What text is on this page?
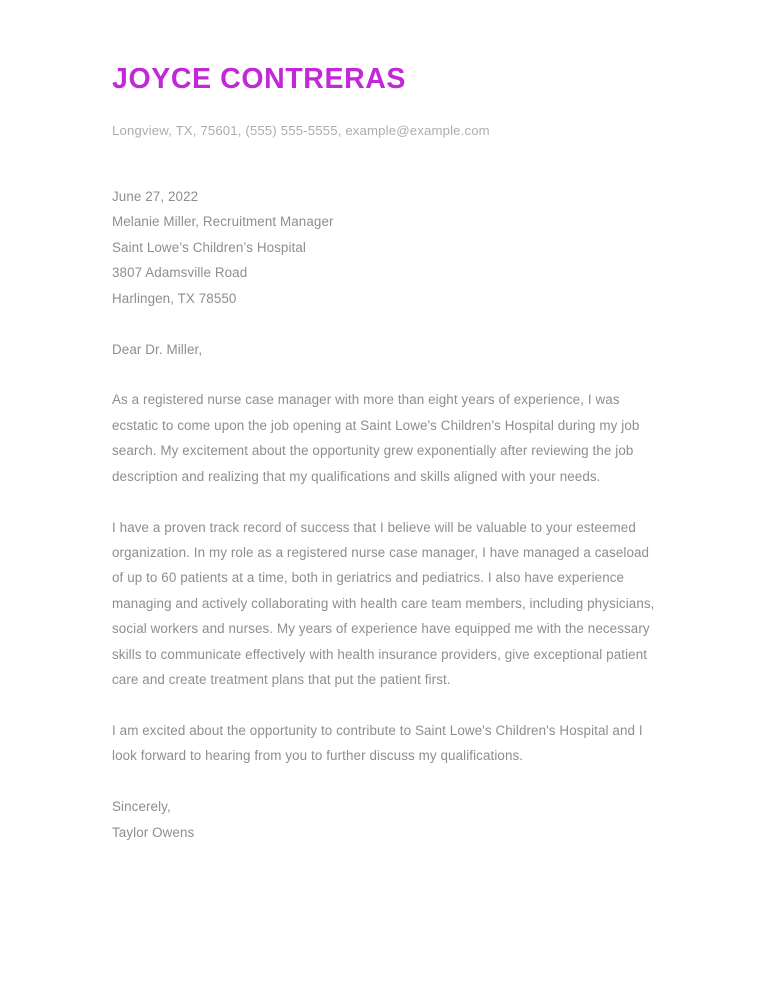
JOYCE CONTRERAS

Longview, TX, 75601, (555) 555-5555, example@example.com

June 27, 2022

Melanie Miller, Recruitment Manager

Saint Lowe’s Children’s Hospital

3807 Adamsville Road

Harlingen, TX 78550

Dear Dr. Miller,

As a registered nurse case manager with more than eight years of experience, I was ecstatic to come upon the job opening at Saint Lowe's Children's Hospital during my job search. My excitement about the opportunity grew exponentially after reviewing the job description and realizing that my qualifications and skills aligned with your needs.

I have a proven track record of success that I believe will be valuable to your esteemed organization. In my role as a registered nurse case manager, I have managed a caseload of up to 60 patients at a time, both in geriatrics and pediatrics. I also have experience managing and actively collaborating with health care team members, including physicians, social workers and nurses. My years of experience have equipped me with the necessary skills to communicate effectively with health insurance providers, give exceptional patient care and create treatment plans that put the patient first.

I am excited about the opportunity to contribute to Saint Lowe's Children's Hospital and I look forward to hearing from you to further discuss my qualifications.

Sincerely,

Taylor Owens
